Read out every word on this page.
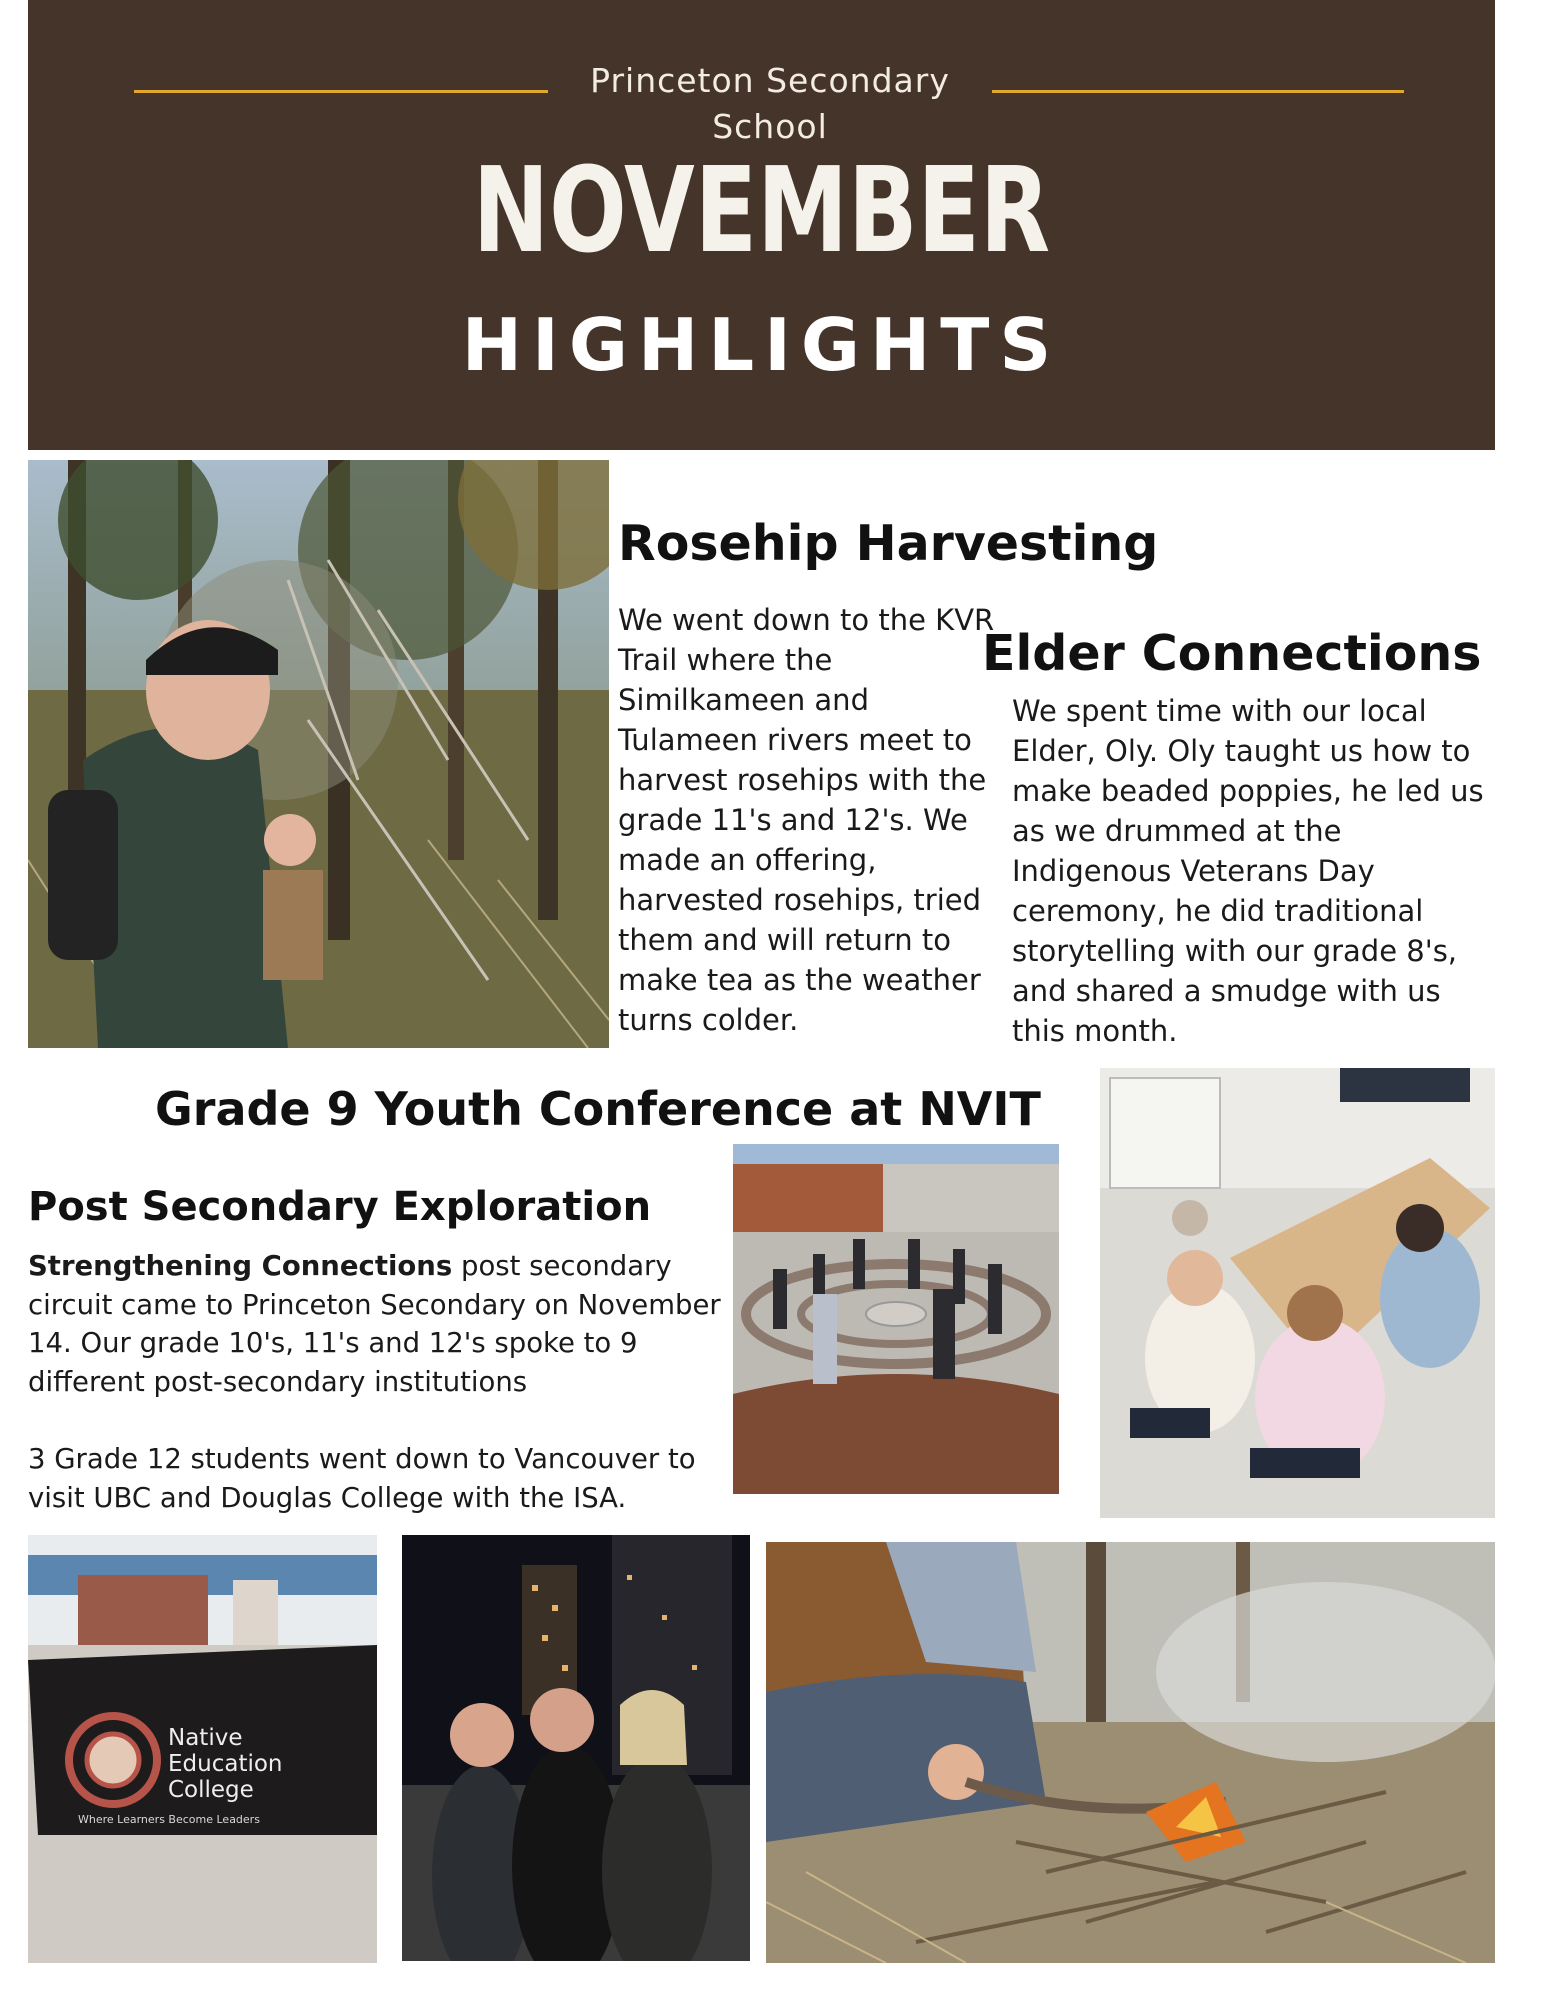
Princeton Secondary School
NOVEMBER
HIGHLIGHTS
Rosehip Harvesting
We went down to the KVR Trail where the Similkameen and Tulameen rivers meet to harvest rosehips with the grade 11's and 12's. We made an offering, harvested rosehips, tried them and will return to make tea as the weather turns colder.
Elder Connections
We spent time with our local Elder, Oly. Oly taught us how to make beaded poppies, he led us as we drummed at the Indigenous Veterans Day ceremony, he did traditional storytelling with our grade 8's, and shared a smudge with us this month.
Grade 9 Youth Conference at NVIT
Post Secondary Exploration

Strengthening Connections post secondary circuit came to Princeton Secondary on November 14. Our grade 10's, 11's and 12's spoke to 9 different post-secondary institutions

3 Grade 12 students went down to Vancouver to visit UBC and Douglas College with the ISA.

Native
Education
College
Where Learners Become Leaders
